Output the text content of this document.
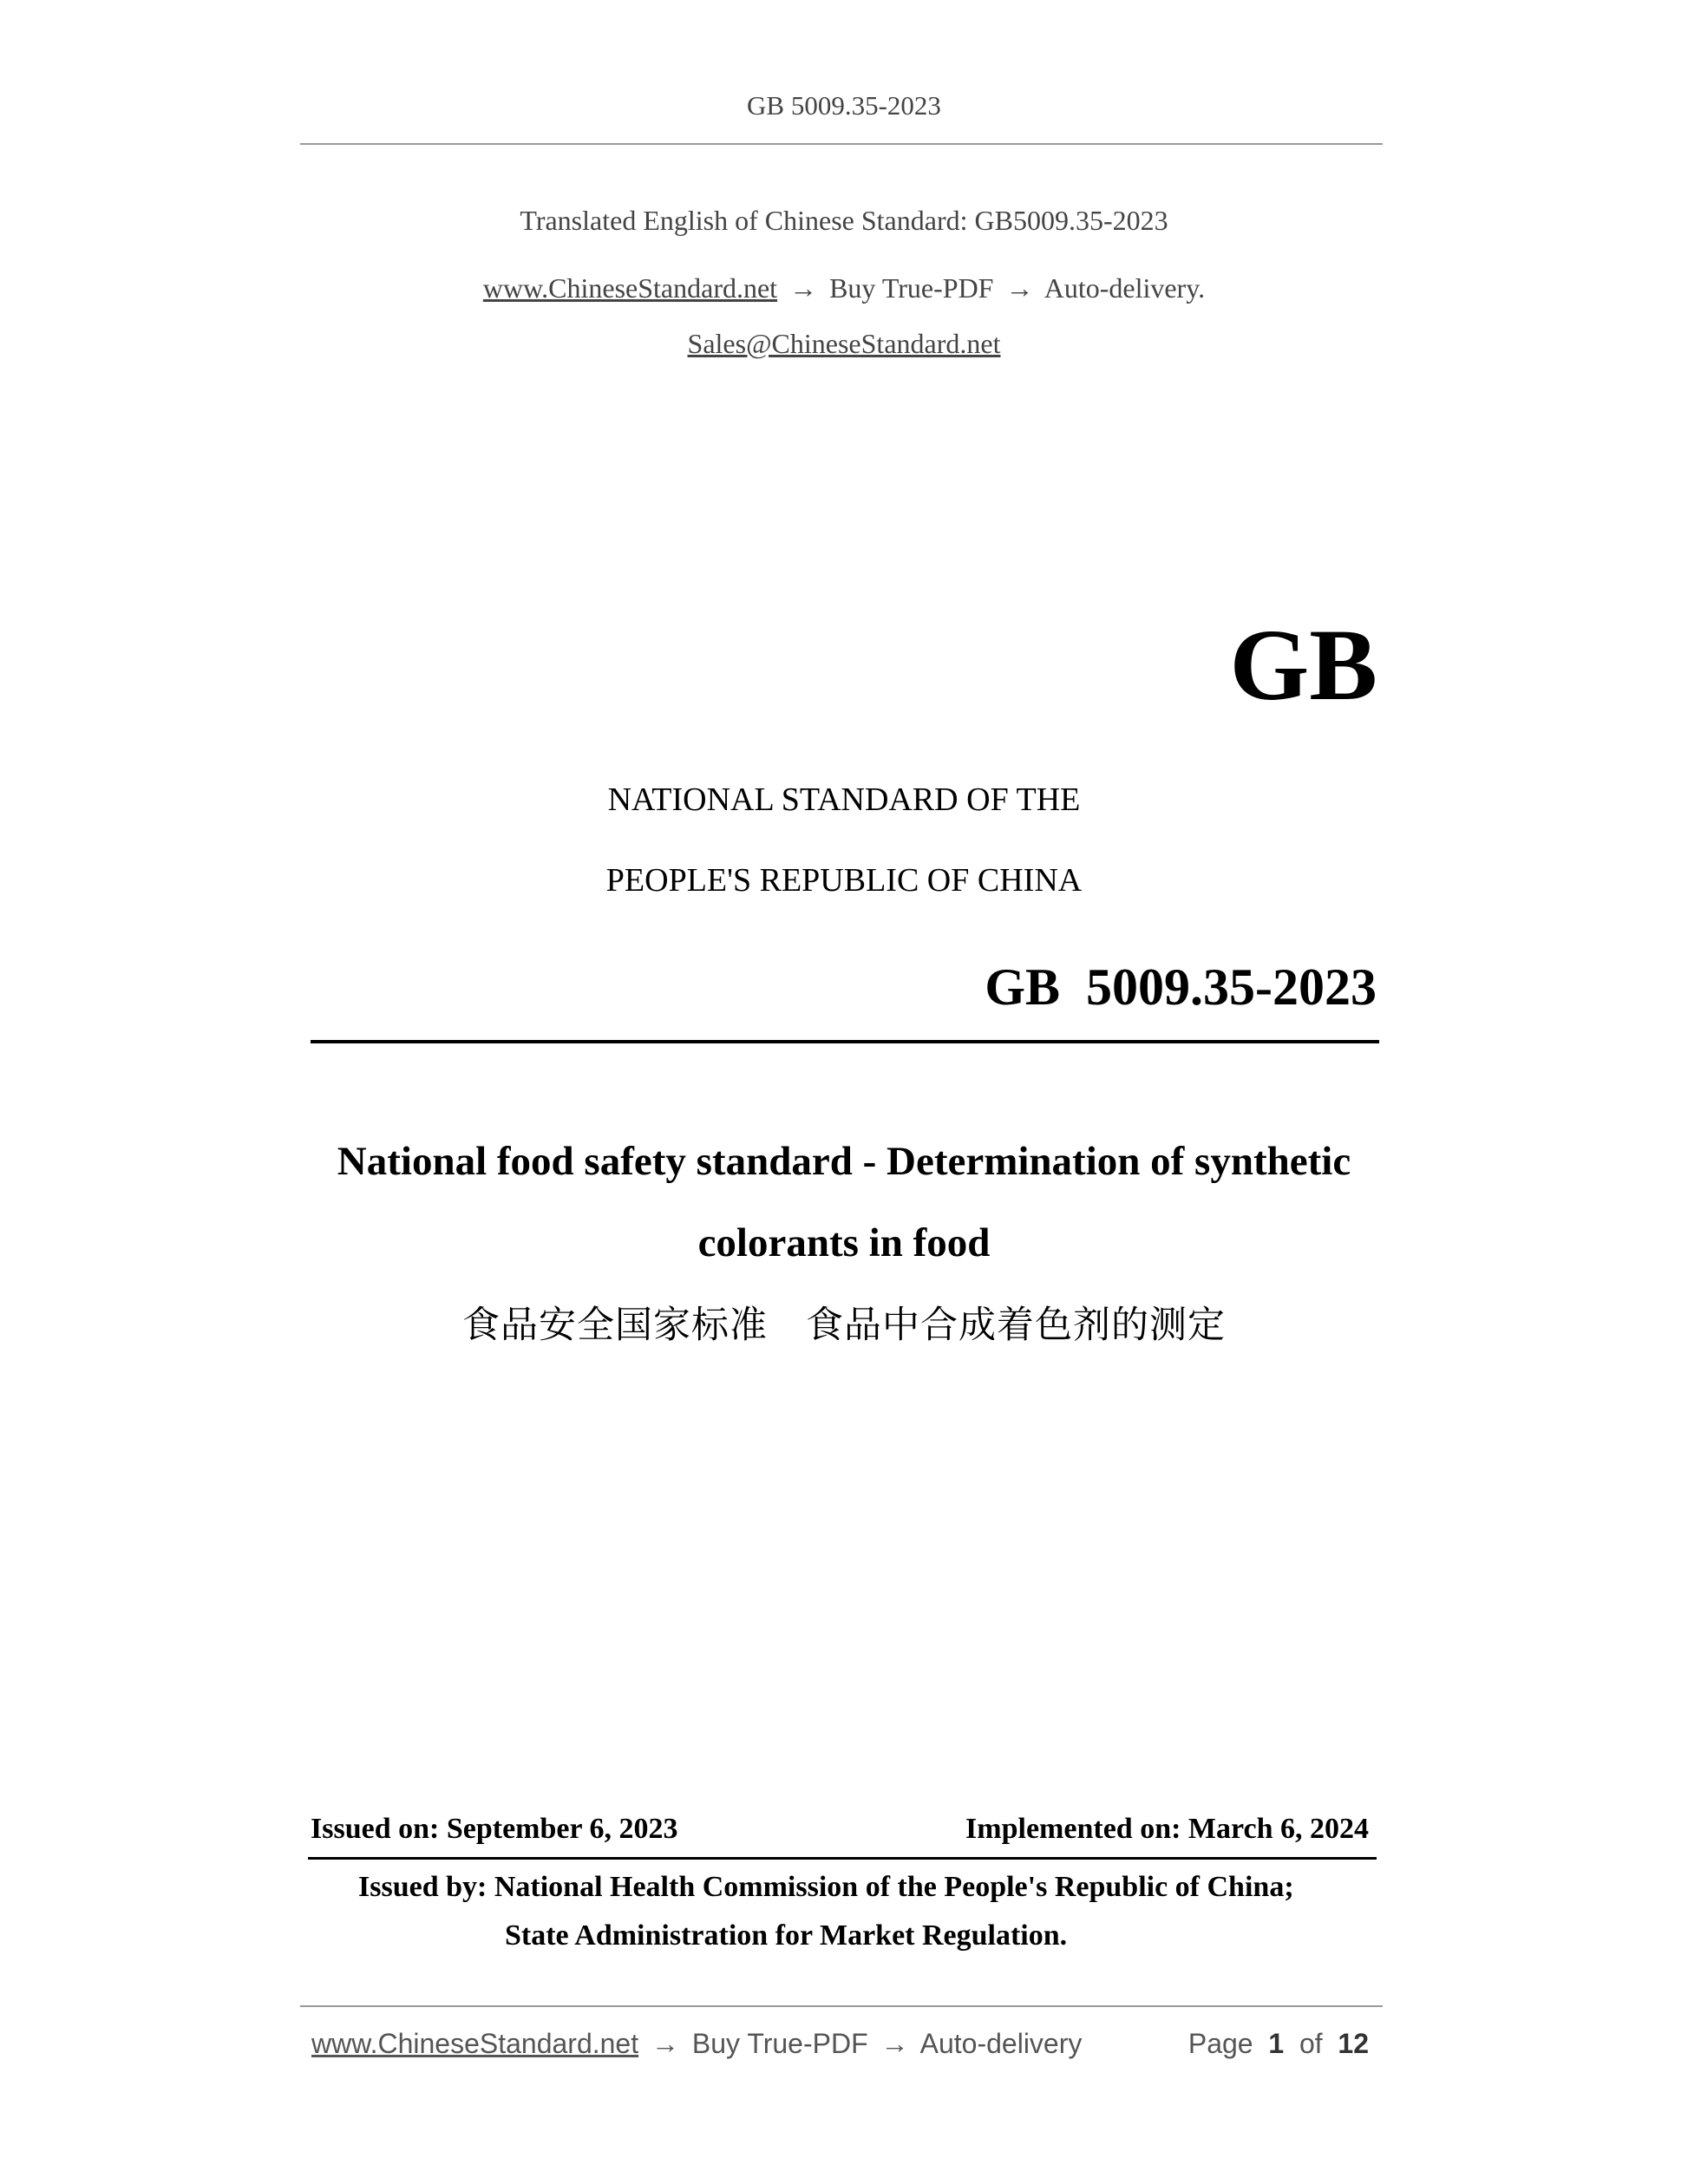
GB 5009.35-2023
Translated English of Chinese Standard: GB5009.35-2023
www.ChineseStandard.net → Buy True-PDF → Auto-delivery.
Sales@ChineseStandard.net
GB
NATIONAL STANDARD OF THE
PEOPLE'S REPUBLIC OF CHINA
GB 5009.35-2023
National food safety standard - Determination of synthetic
colorants in food
食品安全国家标准 食品中合成着色剂的测定
Issued on: September 6, 2023	Implemented on: March 6, 2024
Issued by: National Health Commission of the People's Republic of China;
State Administration for Market Regulation.
www.ChineseStandard.net → Buy True-PDF → Auto-delivery	Page 1 of 12
